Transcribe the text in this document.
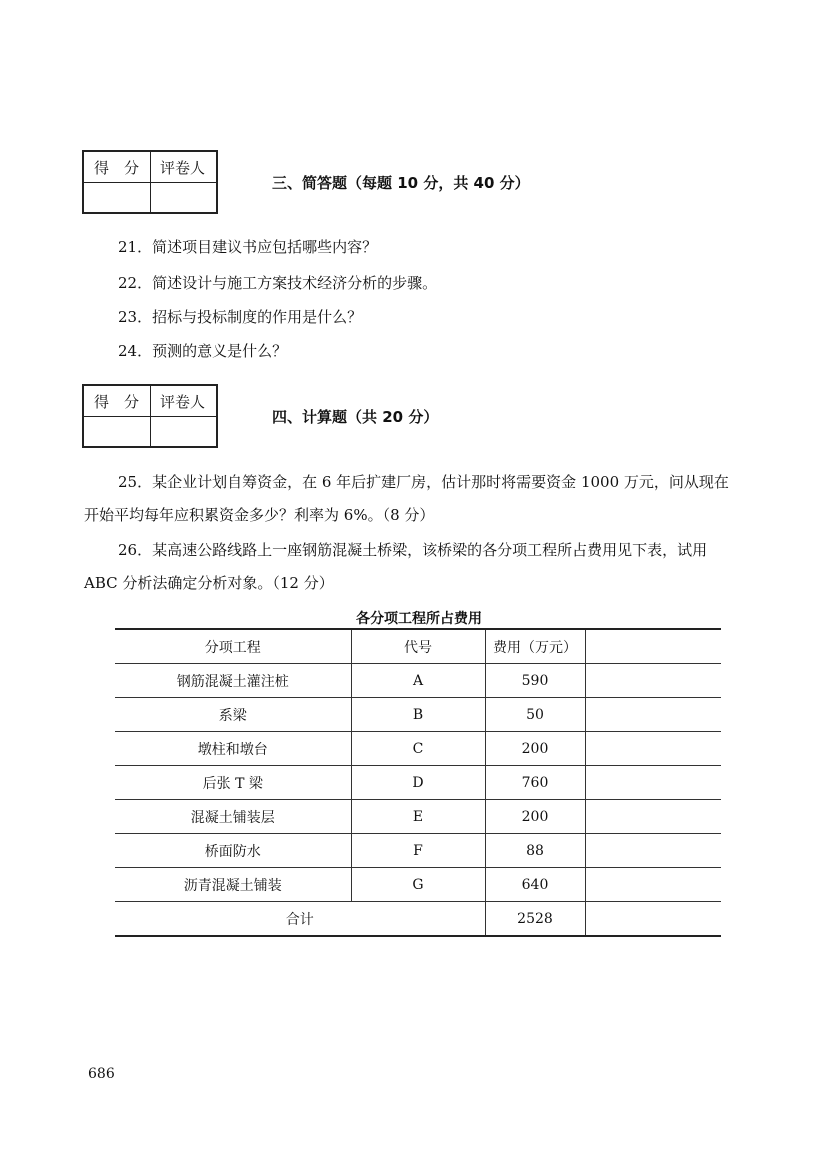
得　分 评卷人
三、简答题（每题 10 分，共 40 分）
21．简述项目建议书应包括哪些内容？
22．简述设计与施工方案技术经济分析的步骤。
23．招标与投标制度的作用是什么？
24．预测的意义是什么？
得　分 评卷人
四、计算题（共 20 分）
25．某企业计划自筹资金，在 6 年后扩建厂房，估计那时将需要资金 1000 万元，问从现在
开始平均每年应积累资金多少？利率为 6%。（8 分）
26．某高速公路线路上一座钢筋混凝土桥梁，该桥梁的各分项工程所占费用见下表，试用
ABC 分析法确定分析对象。（12 分）
各分项工程所占费用
分项工程	代号	费用（万元）	
钢筋混凝土灌注桩	A	590	
系梁	B	50	
墩柱和墩台	C	200	
后张 T 梁	D	760	
混凝土铺装层	E	200	
桥面防水	F	88	
沥青混凝土铺装	G	640	
合计		2528	
686
